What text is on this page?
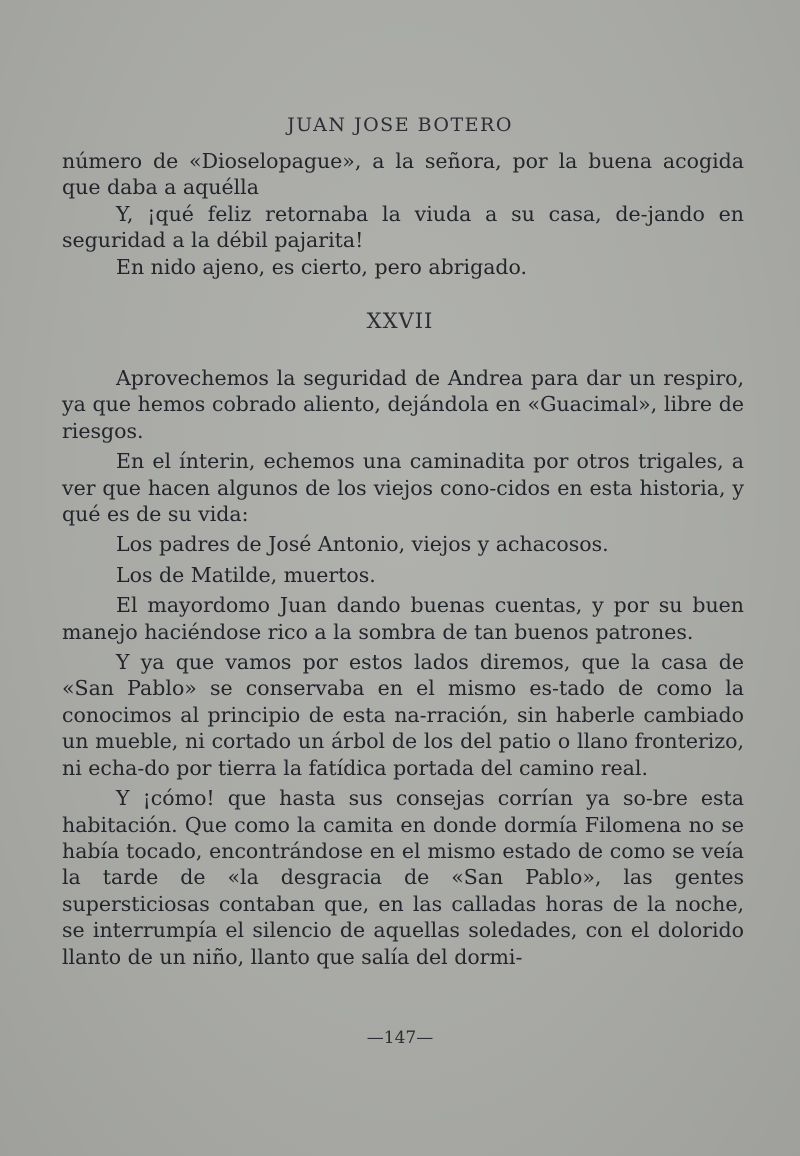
JUAN JOSE BOTERO

número de «Dioselopague», a la señora, por la buena acogida que daba a aquélla

Y, ¡qué feliz retornaba la viuda a su casa, de-jando en seguridad a la débil pajarita!

En nido ajeno, es cierto, pero abrigado.

XXVII

Aprovechemos la seguridad de Andrea para dar un respiro, ya que hemos cobrado aliento, dejándola en «Guacimal», libre de riesgos.

En el ínterin, echemos una caminadita por otros trigales, a ver que hacen algunos de los viejos cono-cidos en esta historia, y qué es de su vida:

Los padres de José Antonio, viejos y achacosos.

Los de Matilde, muertos.

El mayordomo Juan dando buenas cuentas, y por su buen manejo haciéndose rico a la sombra de tan buenos patrones.

Y ya que vamos por estos lados diremos, que la casa de «San Pablo» se conservaba en el mismo es-tado de como la conocimos al principio de esta na-rración, sin haberle cambiado un mueble, ni cortado un árbol de los del patio o llano fronterizo, ni echa-do por tierra la fatídica portada del camino real.

Y ¡cómo! que hasta sus consejas corrían ya so-bre esta habitación. Que como la camita en donde dormía Filomena no se había tocado, encontrándose en el mismo estado de como se veía la tarde de «la desgracia de «San Pablo», las gentes supersticiosas contaban que, en las calladas horas de la noche, se interrumpía el silencio de aquellas soledades, con el dolorido llanto de un niño, llanto que salía del dormi-

—147—
